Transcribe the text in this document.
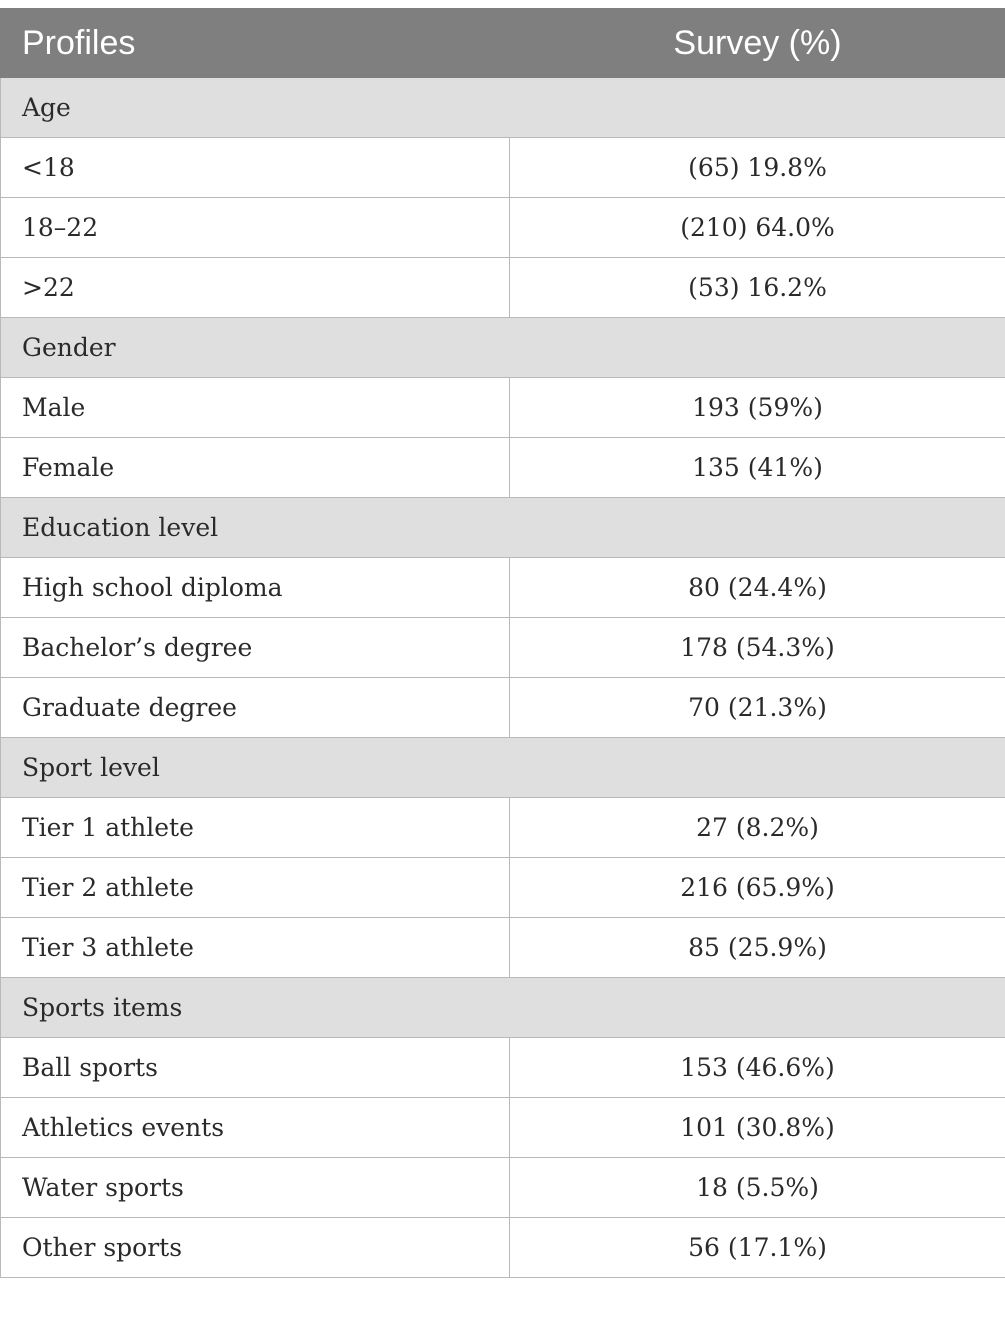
Profiles	Survey (%)
Age	
<18	(65) 19.8%
18–22	(210) 64.0%
>22	(53) 16.2%
Gender	
Male	193 (59%)
Female	135 (41%)
Education level	
High school diploma	80 (24.4%)
Bachelor’s degree	178 (54.3%)
Graduate degree	70 (21.3%)
Sport level	
Tier 1 athlete	27 (8.2%)
Tier 2 athlete	216 (65.9%)
Tier 3 athlete	85 (25.9%)
Sports items	
Ball sports	153 (46.6%)
Athletics events	101 (30.8%)
Water sports	18 (5.5%)
Other sports	56 (17.1%)
